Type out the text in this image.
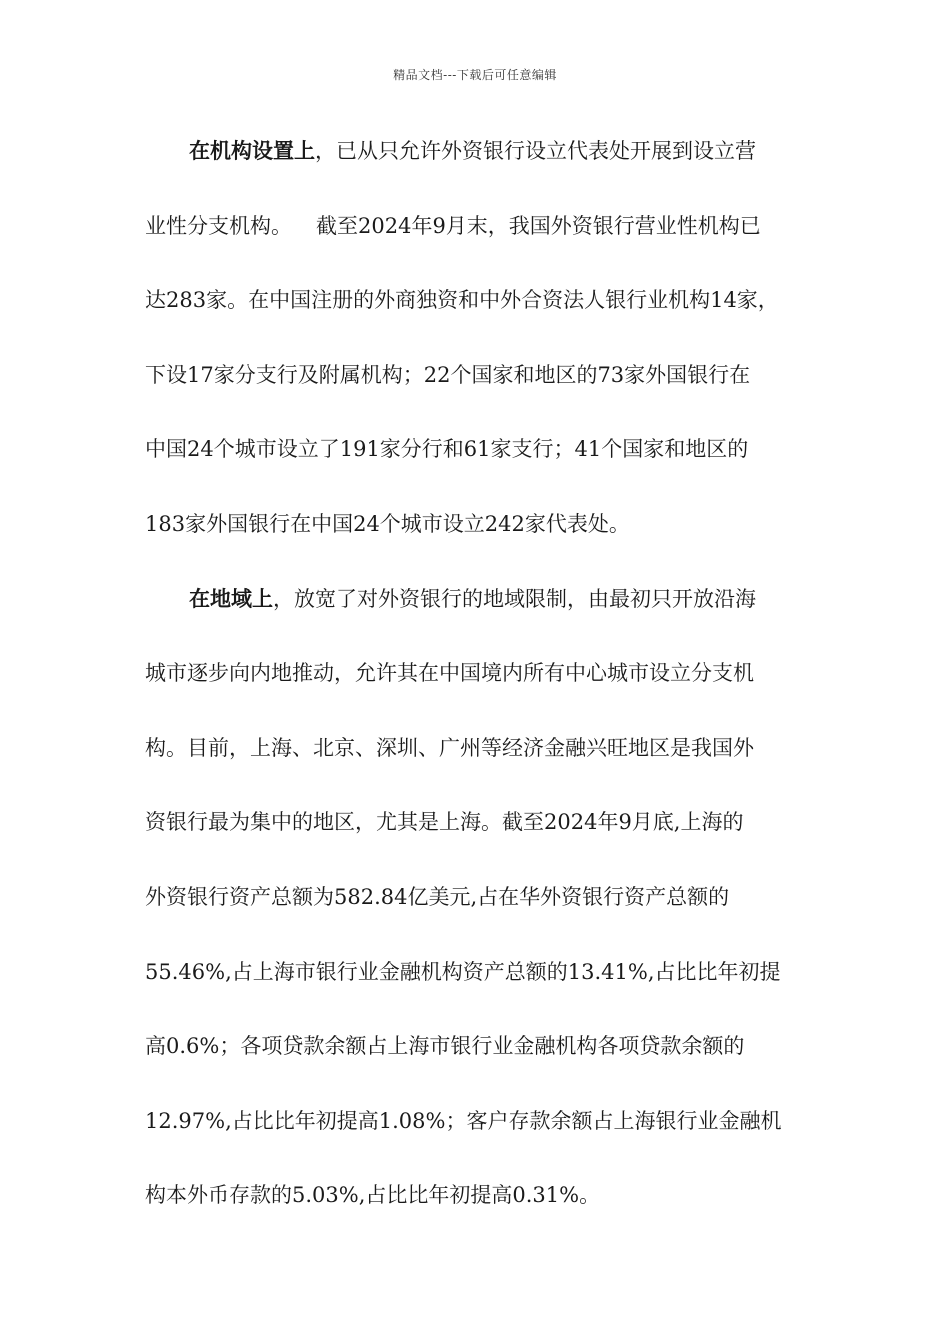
精品文档---下载后可任意编辑
在机构设置上，已从只允许外资银行设立代表处开展到设立营
业性分支机构。 截至2024年9月末，我国外资银行营业性机构已
达283家。在中国注册的外商独资和中外合资法人银行业机构14家，
下设17家分支行及附属机构；22个国家和地区的73家外国银行在
中国24个城市设立了191家分行和61家支行；41个国家和地区的
183家外国银行在中国24个城市设立242家代表处。
在地域上，放宽了对外资银行的地域限制，由最初只开放沿海
城市逐步向内地推动，允许其在中国境内所有中心城市设立分支机
构。目前，上海、北京、深圳、广州等经济金融兴旺地区是我国外
资银行最为集中的地区，尤其是上海。截至2024年9月底,上海的
外资银行资产总额为582.84亿美元,占在华外资银行资产总额的
55.46%,占上海市银行业金融机构资产总额的13.41%,占比比年初提
高0.6%；各项贷款余额占上海市银行业金融机构各项贷款余额的
12.97%,占比比年初提高1.08%；客户存款余额占上海银行业金融机
构本外币存款的5.03%,占比比年初提高0.31%。
